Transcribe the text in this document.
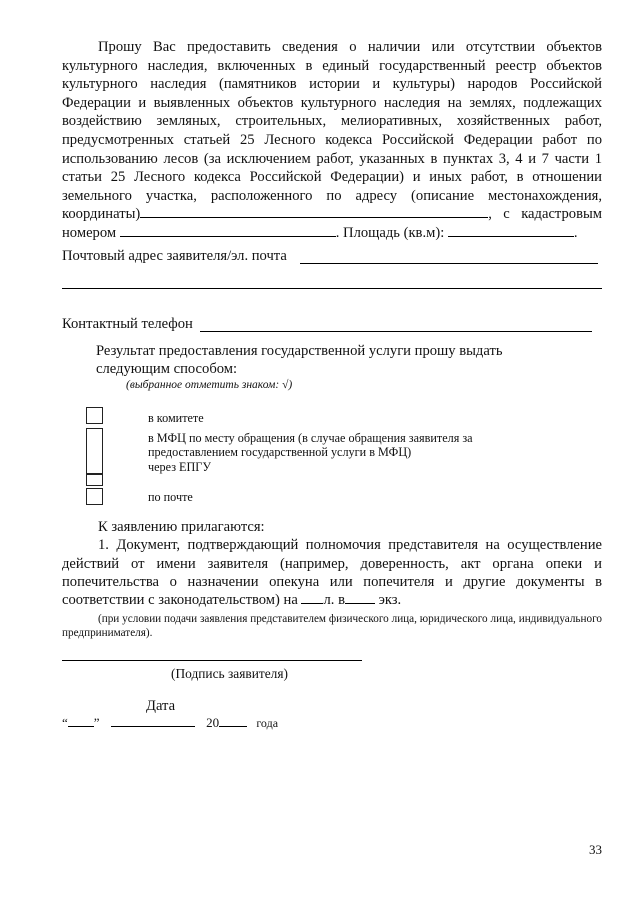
Прошу Вас предоставить сведения о наличии или отсутствии объектов культурного наследия, включенных в единый государственный реестр объектов культурного наследия (памятников истории и культуры) народов Российской Федерации и выявленных объектов культурного наследия на землях, подлежащих воздействию земляных, строительных, мелиоративных, хозяйственных работ, предусмотренных статьей 25 Лесного кодекса Российской Федерации работ по использованию лесов (за исключением работ, указанных в пунктах 3, 4 и 7 части 1 статьи 25 Лесного кодекса Российской Федерации) и иных работ, в отношении земельного участка, расположенного по адресу (описание местонахождения, координаты)	, с кадастровым номером	. Площадь (кв.м):	.

Почтовый адрес заявителя/эл. почта
Контактный телефон
Результат предоставления государственной услуги прошу выдать
следующим способом:
(выбранное отметить знаком: √)
в комитете
в МФЦ по месту обращения (в случае обращения заявителя за
предоставлением государственной услуги в МФЦ)
через ЕПГУ
по почте

К заявлению прилагаются:

1. Документ, подтверждающий полномочия представителя на осуществление действий от имени заявителя (например, доверенность, акт органа опеки и попечительства о назначении опекуна или попечителя и другие документы в соответствии с законодательством) на л. в экз.

(при условии подачи заявления представителем физического лица, юридического лица, индивидуального предпринимателя).

(Подпись заявителя)
Дата
“ ”	20	года
33
